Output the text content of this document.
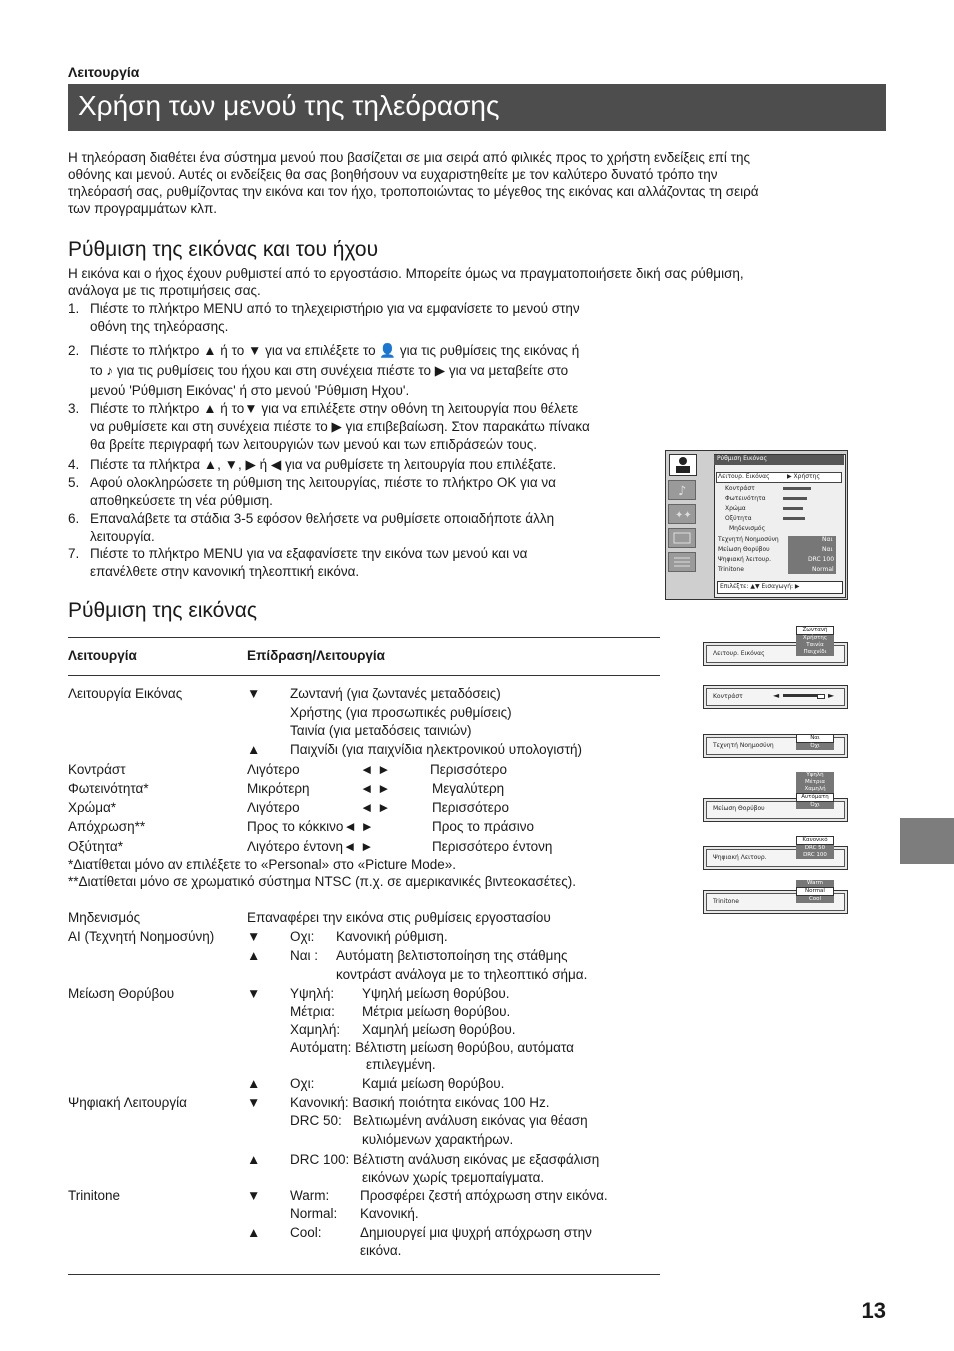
Λειτουργία
Χρήση των μενού της τηλεόρασης
Η τηλεόραση διαθέτει ένα σύστημα μενού που βασίζεται σε μια σειρά από φιλικές προς το χρήστη ενδείξεις επί της
οθόνης και μενού. Αυτές οι ενδείξεις θα σας βοηθήσουν να ευχαριστηθείτε με τον καλύτερο δυνατό τρόπο την
τηλεόρασή σας, ρυθμίζοντας την εικόνα και τον ήχο, τροποποιώντας το μέγεθος της εικόνας και αλλάζοντας τη σειρά
των προγραμμάτων κλπ.
Ρύθμιση της εικόνας και του ήχου
Η εικόνα και ο ήχος έχουν ρυθμιστεί από το εργοστάσιο. Μπορείτε όμως να πραγματοποιήσετε δική σας ρύθμιση,
ανάλογα με τις προτιμήσεις σας.
1. Πιέστε το πλήκτρο MENU από το τηλεχειριστήριο για να εμφανίσετε το μενού στην
οθόνη της τηλεόρασης.
2. Πιέστε το πλήκτρο ▲ ή το ▼ για να επιλέξετε το 👤 για τις ρυθμίσεις της εικόνας ή
το ♪ για τις ρυθμίσεις του ήχου και στη συνέχεια πιέστε το ▶ για να μεταβείτε στο
μενού 'Ρύθμιση Εικόνας' ή στο μενού 'Ρύθμιση Ηχου'.
3. Πιέστε το πλήκτρο ▲ ή το▼ για να επιλέξετε στην οθόνη τη λειτουργία που θέλετε
να ρυθμίσετε και στη συνέχεια πιέστε το ▶ για επιβεβαίωση. Στον παρακάτω πίνακα
θα βρείτε περιγραφή των λειτουργιών των μενού και των επιδράσεών τους.
4. Πιέστε τα πλήκτρα ▲, ▼, ▶ ή ◀ για να ρυθμίσετε τη λειτουργία που επιλέξατε.
5. Αφού ολοκληρώσετε τη ρύθμιση της λειτουργίας, πιέστε το πλήκτρο OK για να
αποθηκεύσετε τη νέα ρύθμιση.
6. Επαναλάβετε τα στάδια 3-5 εφόσον θελήσετε να ρυθμίσετε οποιαδήποτε άλλη
λειτουργία.
7. Πιέστε το πλήκτρο MENU για να εξαφανίσετε την εικόνα των μενού και να
επανέλθετε στην κανονική τηλεοπτική εικόνα.
♪
✦✦
Ρύθμιση Εικόνας
Λειτουρ. Εικόνας	▶ Χρήστης
Κοντράστ
Φωτεινότητα
Χρώμα
Οξύτητα
Μηδενισμός
Τεχνητή Νοημοσύνη
Μείωση Θορύβου
Ψηφιακή λειτουρ.
Trinitone
Ναι
Ναι
DRC 100
Normal
Επιλέξτε: ▲▼ Εισαγωγή: ▶
Ρύθμιση της εικόνας
Λειτουργία	Επίδραση/Λειτουργία
Λειτουργία Εικόνας	▼ Ζωντανή (για ζωντανές μεταδόσεις)
Χρήστης (για προσωπικές ρυθμίσεις)
Ταινία (για μεταδόσεις ταινιών)
▲ Παιχνίδι (για παιχνίδια ηλεκτρονικού υπολογιστή)
Κοντράστ	Λιγότερο	◄ ►	Περισσότερο
Φωτεινότητα*	Μικρότερη	◄ ►	Μεγαλύτερη
Χρώμα*	Λιγότερο	◄ ►	Περισσότερο
Απόχρωση**	Προς το κόκκινο◄ ►	Προς το πράσινο
Οξύτητα*	Λιγότερο έντονη◄ ►	Περισσότερο έντονη
*Διατίθεται μόνο αν επιλέξετε το «Personal» στο «Picture Mode».
**Διατίθεται μόνο σε χρωματικό σύστημα NTSC (π.χ. σε αμερικανικές βιντεοκασέτες).
Μηδενισμός	Επαναφέρει την εικόνα στις ρυθμίσεις εργοστασίου
AI (Τεχνητή Νοημοσύνη) ▼ Οχι: Κανονική ρύθμιση.
▲ Ναι : Αυτόματη βελτιστοποίηση της στάθμης
κοντράστ ανάλογα με το τηλεοπτικό σήμα.
Μείωση Θορύβου	▼ Υψηλή: Υψηλή μείωση θορύβου.
Μέτρια: Μέτρια μείωση θορύβου.
Χαμηλή: Χαμηλή μείωση θορύβου.
Αυτόματη: Βέλτιστη μείωση θορύβου, αυτόματα
επιλεγμένη.
▲ Οχι:	Καμιά μείωση θορύβου.
Ψηφιακή Λειτουργία	▼ Κανονική: Βασική ποιότητα εικόνας 100 Hz.
DRC 50:   Βελτιωμένη ανάλυση εικόνας για θέαση
κυλιόμενων χαρακτήρων.
▲ DRC 100: Βέλτιστη ανάλυση εικόνας με εξασφάλιση
εικόνων χωρίς τρεμοπαίγματα.
Trinitone	▼ Warm: Προσφέρει ζεστή απόχρωση στην εικόνα.
Normal: Κανονική.
▲ Cool:	Δημιουργεί μια ψυχρή απόχρωση στην
εικόνα.
Λειτουρ. Εικόνας
Ζωντανή
Χρήστης
Ταινία
Παιχνίδι
Κοντράστ	◄	►
Τεχνητή Νοημοσύνη
Ναι
Όχι
Μείωση Θορύβου
Υψηλή
Μέτρια
Χαμηλή
Αυτόματη
Όχι
Ψηφιακή Λειτουρ.
Κανονικό
DRC 50
DRC 100
Trinitone
Warm
Normal
Cool
13
